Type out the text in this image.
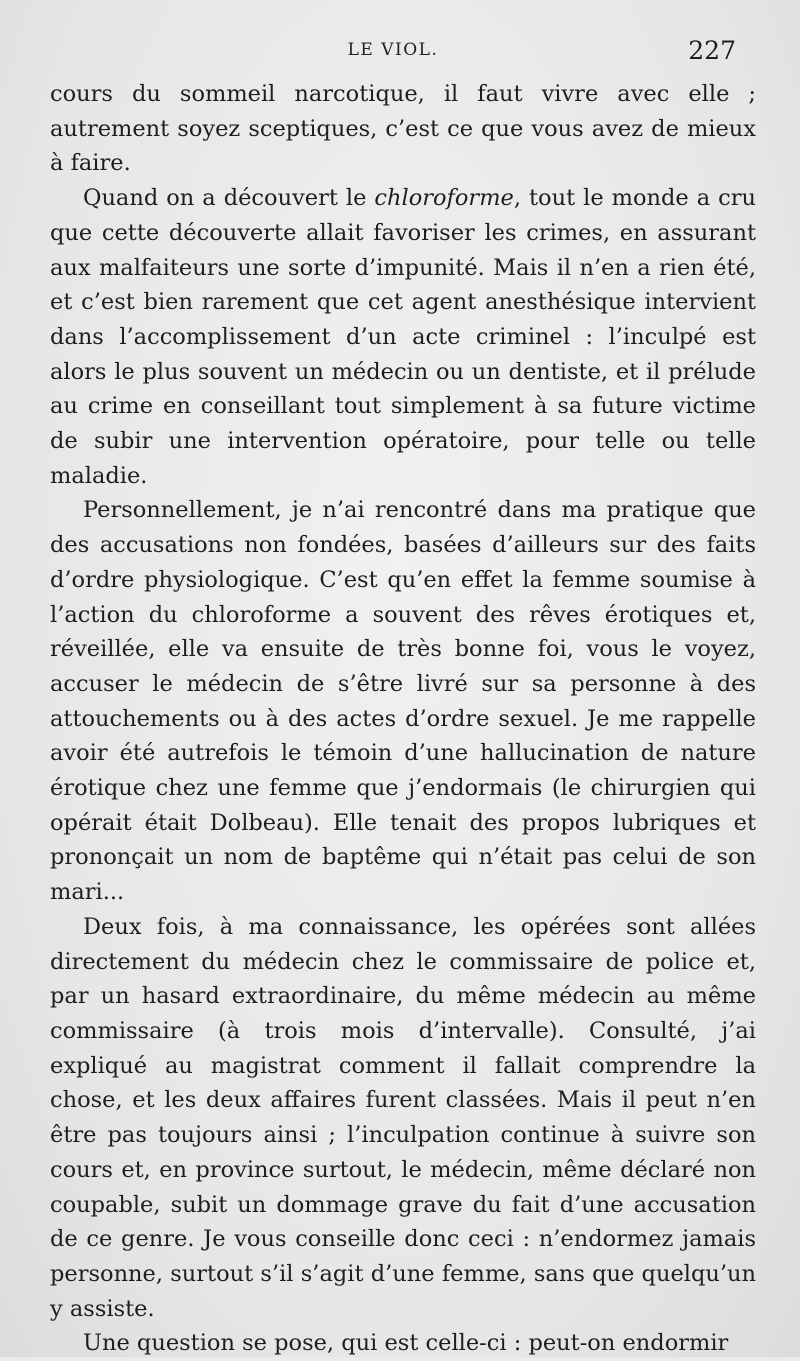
LE VIOL.	227

cours du sommeil narcotique, il faut vivre avec elle ; autrement soyez sceptiques, c’est ce que vous avez de mieux à faire.

Quand on a découvert le chloroforme, tout le monde a cru que cette découverte allait favoriser les crimes, en assurant aux malfaiteurs une sorte d’impunité. Mais il n’en a rien été, et c’est bien rarement que cet agent anesthésique intervient dans l’accomplissement d’un acte criminel : l’inculpé est alors le plus souvent un médecin ou un dentiste, et il prélude au crime en conseillant tout simplement à sa future victime de subir une intervention opératoire, pour telle ou telle maladie.

Personnellement, je n’ai rencontré dans ma pratique que des accusations non fondées, basées d’ailleurs sur des faits d’ordre physiologique. C’est qu’en effet la femme soumise à l’action du chloroforme a souvent des rêves érotiques et, réveillée, elle va ensuite de très bonne foi, vous le voyez, accuser le médecin de s’être livré sur sa personne à des attouchements ou à des actes d’ordre sexuel. Je me rappelle avoir été autrefois le témoin d’une hallucination de nature érotique chez une femme que j’endormais (le chirurgien qui opérait était Dolbeau). Elle tenait des propos lubriques et prononçait un nom de baptême qui n’était pas celui de son mari...

Deux fois, à ma connaissance, les opérées sont allées directement du médecin chez le commissaire de police et, par un hasard extraordinaire, du même médecin au même commissaire (à trois mois d’intervalle). Consulté, j’ai expliqué au magistrat comment il fallait comprendre la chose, et les deux affaires furent classées. Mais il peut n’en être pas toujours ainsi ; l’inculpation continue à suivre son cours et, en province surtout, le médecin, même déclaré non coupable, subit un dommage grave du fait d’une accusation de ce genre. Je vous conseille donc ceci : n’endormez jamais personne, surtout s’il s’agit d’une femme, sans que quelqu’un y assiste.

Une question se pose, qui est celle-ci : peut-on endormir
